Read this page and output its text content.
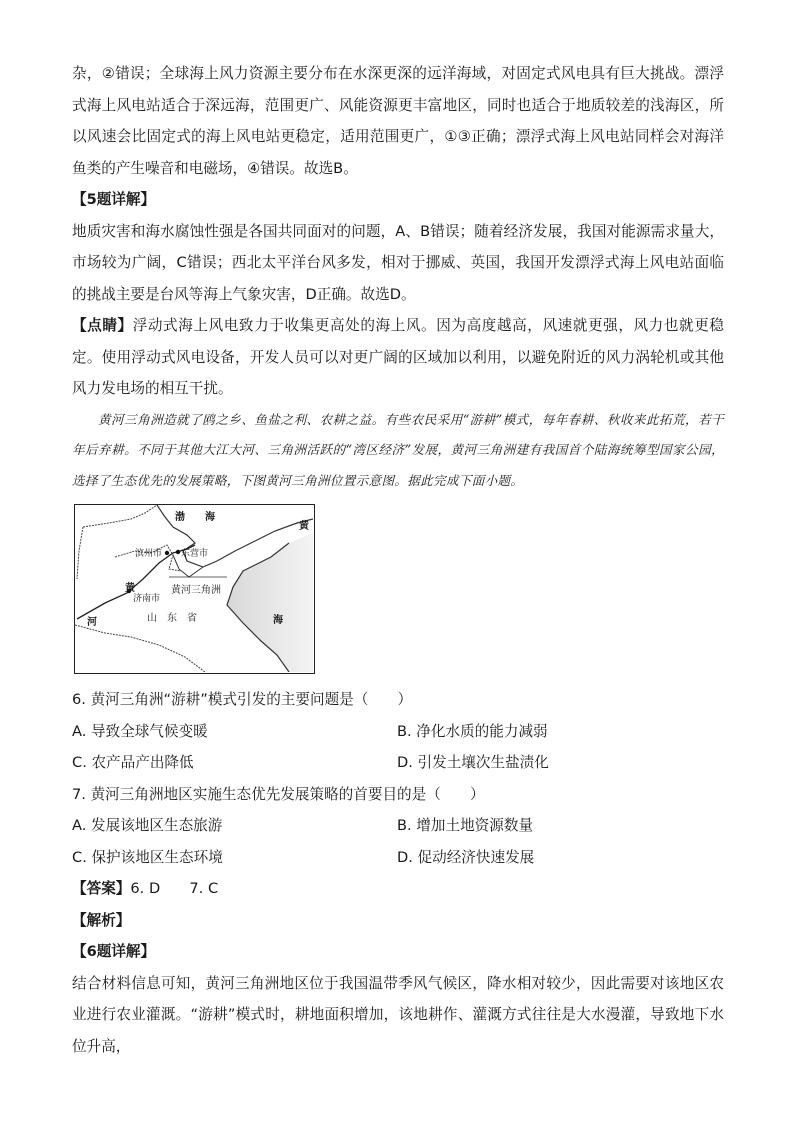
杂，②错误；全球海上风力资源主要分布在水深更深的远洋海域，对固定式风电具有巨大挑战。漂浮式海上风电站适合于深远海，范围更广、风能资源更丰富地区，同时也适合于地质较差的浅海区，所以风速会比固定式的海上风电站更稳定，适用范围更广，①③正确；漂浮式海上风电站同样会对海洋鱼类的产生噪音和电磁场，④错误。故选B。

【5题详解】

地质灾害和海水腐蚀性强是各国共同面对的问题，A、B错误；随着经济发展，我国对能源需求量大，市场较为广阔，C错误；西北太平洋台风多发，相对于挪威、英国，我国开发漂浮式海上风电站面临的挑战主要是台风等海上气象灾害，D正确。故选D。

【点睛】浮动式海上风电致力于收集更高处的海上风。因为高度越高，风速就更强，风力也就更稳定。使用浮动式风电设备，开发人员可以对更广阔的区域加以利用，以避免附近的风力涡轮机或其他风力发电场的相互干扰。

黄河三角洲造就了鸥之乡、鱼盐之利、农耕之益。有些农民采用“游耕”模式，每年春耕、秋收来此拓荒，若干年后弃耕。不同于其他大江大河、三角洲活跃的“湾区经济”发展，黄河三角洲建有我国首个陆海统筹型国家公园，选择了生态优先的发展策略，下图黄河三角洲位置示意图。据此完成下面小题。

渤　　海
黄
滨州市 东营市
黄河三角洲
黄
济南市
河	山　东　省	海

6. 黄河三角洲“游耕”模式引发的主要问题是（　　）

A. 导致全球气候变暖	B. 净化水质的能力减弱

C. 农产品产出降低	D. 引发土壤次生盐渍化

7. 黄河三角洲地区实施生态优先发展策略的首要目的是（　　）

A. 发展该地区生态旅游	B. 增加土地资源数量

C. 保护该地区生态环境	D. 促动经济快速发展

【答案】6. D　　7. C

【解析】

【6题详解】

结合材料信息可知，黄河三角洲地区位于我国温带季风气候区，降水相对较少，因此需要对该地区农业进行农业灌溉。“游耕”模式时，耕地面积增加，该地耕作、灌溉方式往往是大水漫灌，导致地下水位升高，
